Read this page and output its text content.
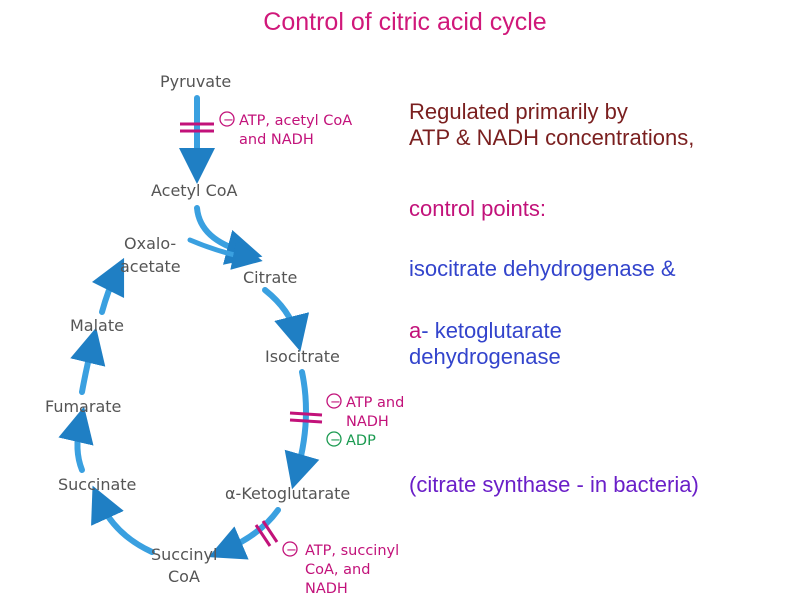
Control of citric acid cycle
Pyruvate
Acetyl CoA
Oxalo-
acetate
Citrate
Isocitrate
α-Ketoglutarate
Succinyl
CoA
Succinate
Fumarate
Malate
− ATP, acetyl CoA
and NADH
− ATP and
NADH
− ADP
− ATP, succinyl
CoA, and
NADH
Regulated primarily by
ATP & NADH concentrations,
control points:
isocitrate dehydrogenase &
a- ketoglutarate
dehydrogenase
(citrate synthase - in bacteria)
